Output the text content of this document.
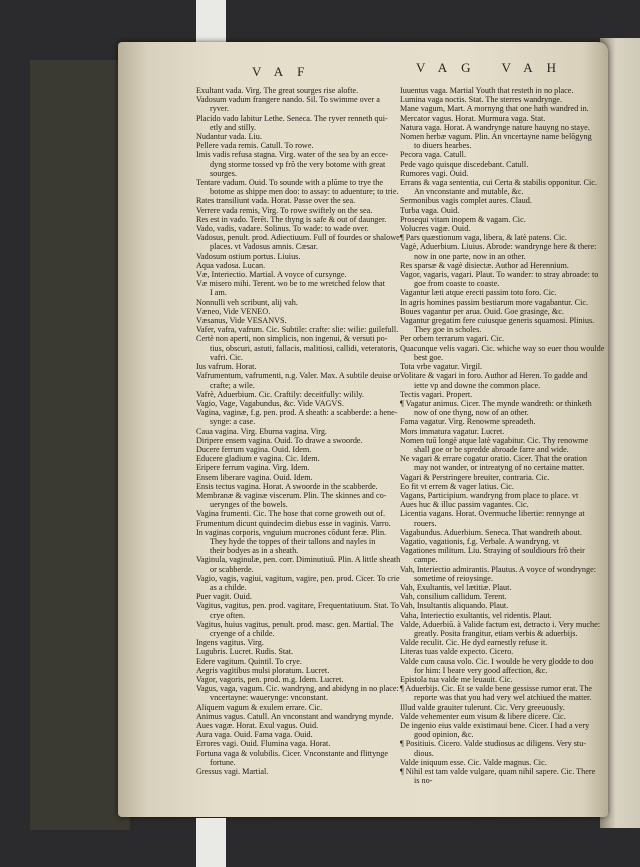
VAF	VAG VAH
Exultant vada. Virg. The great sourges rise alofte.
Vadosum vadum frangere nando. Sil. To swimme over a
ryver.
Placido vado labitur Lethe. Seneca. The ryver renneth qui-
etly and stilly.
Nudantur vada. Liu.
Pellere vada remis. Catull. To rowe.
Imis vadis refusa stagna. Virg. water of the sea by an ecce-
dyng storme tossed vp frõ the very botome with great
sourges.
Tentare vadum. Ouid. To sounde with a plūme to trye the
botome as shippe men doo: to assay: to aduenture; to trie.
Rates transiliunt vada. Horat. Passe over the sea.
Verrere vada remis, Virg. To rowe swiftely on the sea.
Res est in vado. Terēt. The thyng is safe & out of daunger.
Vado, vadis, vadare. Solinus. To wade: to wade over.
Vadosus, penult. prod. Adiectiuum. Full of fourdes or shalowe
places. vt Vadosus amnis. Cæsar.
Vadosum ostium portus. Liuius.
Aqua vadosa. Lucan.
Væ, Interiectio. Martial. A voyce of cursynge.
Væ misero mihi. Terent. wo be to me wretched felow that
I am.
Nonnulli veh scribunt, alij vah.
Væneo, Vide VENEO.
Væsanus, Vide VESANVS.
Vafer, vafra, vafrum. Cic. Subtile: crafte: slie: wilie: guilefull.
Certè non aperti, non simplicis, non ingenui, & versuti po-
tius, obscuri, astuti, fallacis, malitiosi, callidi, veteratoris,
vafri. Cic.
Ius vafrum. Horat.
Vafrumentum, vafrumenti, n.g. Valer. Max. A subtile deuise or
crafte; a wile.
Vafrè, Aduerbium. Cic. Craftily: deceitfully: wilily.
Vagio, Vage, Vagabundus, &c. Vide VAGVS.
Vagina, vaginæ, f.g. pen. prod. A sheath: a scabberde: a hene-
synge: a case.
Caua vagina. Virg. Eburna vagina. Virg.
Diripere ensem vagina. Ouid. To drawe a swoorde.
Ducere ferrum vagina. Ouid. Idem.
Educere gladium e vagina. Cic. Idem.
Eripere ferrum vagina. Virg. Idem.
Ensem liberare vagina. Ouid. Idem.
Ensis tectus vagina. Horat. A swoorde in the scabberde.
Membranæ & vaginæ viscerum. Plin. The skinnes and co-
uerynges of the bowels.
Vagina frumenti. Cic. The hose that corne groweth out of.
Frumentum dicunt quindecim diebus esse in vaginis. Varro.
In vaginas corporis, vnguium mucrones cõdunt feræ. Plin.
They hyde the toppes of their tallons and nayles in
their bodyes as in a sheath.
Vaginula, vaginulæ, pen. corr. Diminutiuū. Plin. A little sheath
or scabberde.
Vagio, vagis, vagiui, vagitum, vagire, pen. prod. Cicer. To crie
as a childe.
Puer vagit. Ouid.
Vagitus, vagitus, pen. prod. vagitare, Frequentatiuum. Stat. To
crye often.
Vagitus, huius vagitus, penult. prod. masc. gen. Martial. The
cryenge of a childe.
Ingens vagitus. Virg.
Lugubris. Lucret. Rudis. Stat.
Edere vagitum. Quintil. To crye.
Aegris vagitibus mulsi ploratum. Lucret.
Vagor, vagoris, pen. prod. m.g. Idem. Lucret.
Vagus, vaga, vagum. Cic. wandryng, and abidyng in no place:
vncertayne: wauerynge: vnconstant.
Aliquem vagum & exulem errare. Cic.
Animus vagus. Catull. An vnconstant and wandryng mynde.
Aues vagæ. Horat. Exul vagus. Ouid.
Aura vaga. Ouid. Fama vaga. Ouid.
Errores vagi. Ouid. Flumina vaga. Horat.
Fortuna vaga & volubilis. Cicer. Vnconstante and flittynge
fortune.
Gressus vagi. Martial.
Iuuentus vaga. Martial Youth that resteth in no place.
Lumina vaga noctis. Stat. The sterres wandrynge.
Mane vagum, Mart. A mornyng that one hath wandred in.
Mercator vagus. Horat. Murmura vaga. Stat.
Natura vaga. Horat. A wandrynge nature hauyng no staye.
Nomen herbæ vagum. Plin. An vncertayne name belōgyng
to diuers hearbes.
Pecora vaga. Catull.
Pede vago quisque discedebant. Catull.
Rumores vagi. Ouid.
Errans & vaga sententia, cui Certa & stabilis opponitur. Cic.
An vnconstante and mutable, &c.
Sermonibus vagis complet aures. Claud.
Turba vaga. Ouid.
Prosequi vitam inopem & vagam. Cic.
Volucres vagæ. Ouid.
¶ Pars quæstionum vaga, libera, & latè patens. Cic.
Vagè, Aduerbium. Liuius. Abrode: wandrynge here & there:
now in one parte, now in an other.
Res sparsæ & vagè disiectæ. Author ad Herennium.
Vagor, vagaris, vagari. Plaut. To wander: to stray abroade: to
goe from coaste to coaste.
Vagantur læti atque erecti passim toto foro. Cic.
In agris homines passim bestiarum more vagabantur. Cic.
Boues vagantur per arua. Ouid. Goe grasinge, &c.
Vagantur gregatim fere cuiusque generis squamosi. Plinius.
They goe in scholes.
Per orbem terrarum vagari. Cic.
Quacunque velis vagari. Cic. whiche way so euer thou woulde
best goe.
Tota vrbe vagatur. Virgil.
Volitare & vagari in foro. Author ad Heren. To gadde and
iette vp and downe the common place.
Tectis vagari. Propert.
¶ Vagatur animus. Cicer. The mynde wandreth: or thinketh
now of one thyng, now of an other.
Fama vagatur. Virg. Renowme spreadeth.
Mors immatura vagatur. Lucret.
Nomen tuū longè atque latè vagabitur. Cic. Thy renowme
shall goe or be spredde abroade farre and wide.
Ne vagari & errare cogatur oratio. Cicer. That the oration
may not wander, or intreatyng of no certaine matter.
Vagari & Perstringere breuiter, contraria. Cic.
Eo fit vt errem & vager latius. Cic.
Vagans, Participium. wandryng from place to place. vt
Aues huc & illuc passim vagantes. Cic.
Licentia vagans. Horat. Overmuche libertie: rennynge at
rouers.
Vagabundus. Aduerbium. Seneca. That wandreth about.
Vagatio, vagationis, f.g. Verbale. A wandryng. vt
Vagationes militum. Liu. Straying of souldiours frō their
campe.
Vah, Interiectio admirantis. Plautus. A voyce of wondrynge:
sometime of reioysinge.
Vah, Exultantis, vel lætitiæ. Plaut.
Vah, consilium callidum. Terent.
Vah, Insultantis aliquando. Plaut.
Vaha, Interiectio exultantis, vel ridentis. Plaut.
Valde, Aduerbiū. à Valide factum est, detracto i. Very muche:
greatly. Posita frangitur, etiam verbis & aduerbijs.
Valde reculit. Cic. He dyd earnestly refuse it.
Literas tuas valde expecto. Cicero.
Valde cum causa volo. Cic. I woulde be very glodde to doo
for him: I beare very good affection, &c.
Epistola tua valde me leuauit. Cic.
¶ Aduerbijs. Cic. Et se valde bene gessisse rumor erat. The
reporte was that you had very wel atchiued the matter.
Illud valde grauiter tulerunt. Cic. Very greeuously.
Valde vehementer eum visum & libere dicere. Cic.
De ingenio eius valde existimaui bene. Cicer. I had a very
good opinion, &c.
¶ Positiuis. Cicero. Valde studiosus ac diligens. Very stu-
dious.
Valde iniquum esse. Cic. Valde magnus. Cic.
¶ Nihil est tam valde vulgare, quam nihil sapere. Cic. There
is no-
